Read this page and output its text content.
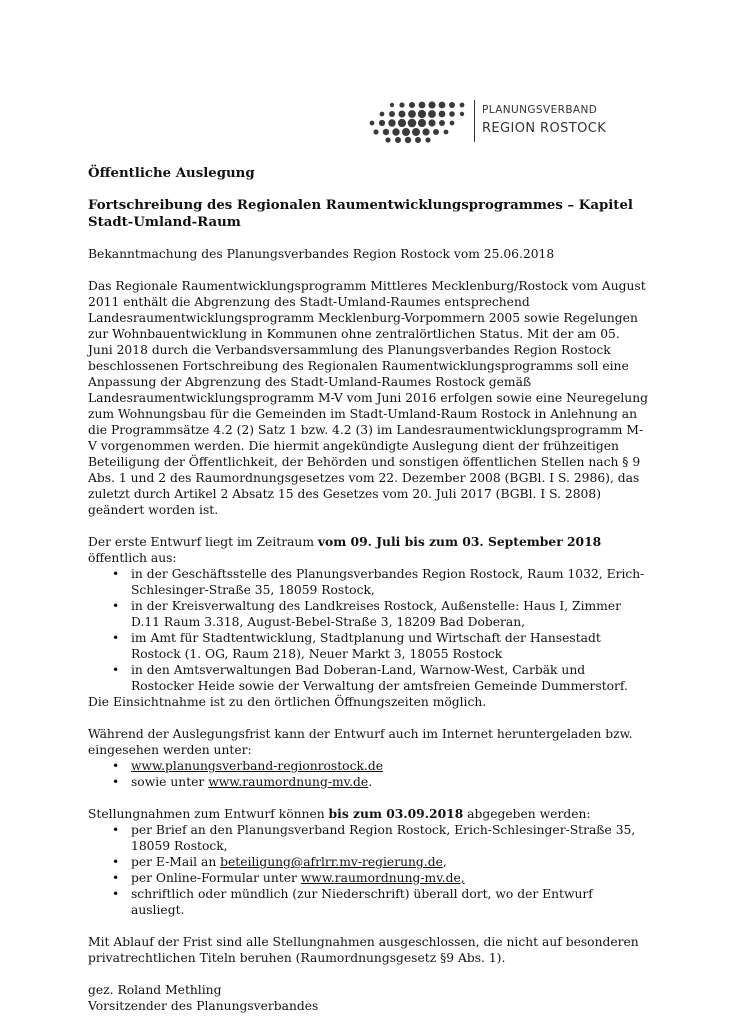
PLANUNGSVERBAND
REGION ROSTOCK
Öffentliche Auslegung
Fortschreibung des Regionalen Raumentwicklungsprogrammes – Kapitel Stadt-Umland-Raum

Bekanntmachung des Planungsverbandes Region Rostock vom 25.06.2018

Das Regionale Raumentwicklungsprogramm Mittleres Mecklenburg/Rostock vom August 2011 enthält die Abgrenzung des Stadt-Umland-Raumes entsprechend Landesraumentwicklungsprogramm Mecklenburg-Vorpommern 2005 sowie Regelungen zur Wohnbauentwicklung in Kommunen ohne zentralörtlichen Status. Mit der am 05. Juni 2018 durch die Verbandsversammlung des Planungsverbandes Region Rostock beschlossenen Fortschreibung des Regionalen Raumentwicklungsprogramms soll eine Anpassung der Abgrenzung des Stadt-Umland-Raumes Rostock gemäß Landesraumentwicklungsprogramm M-V vom Juni 2016 erfolgen sowie eine Neuregelung zum Wohnungsbau für die Gemeinden im Stadt-Umland-Raum Rostock in Anlehnung an die Programmsätze 4.2 (2) Satz 1 bzw. 4.2 (3) im Landesraumentwicklungsprogramm M-V vorgenommen werden. Die hiermit angekündigte Auslegung dient der frühzeitigen Beteiligung der Öffentlichkeit, der Behörden und sonstigen öffentlichen Stellen nach § 9 Abs. 1 und 2 des Raumordnungsgesetzes vom 22. Dezember 2008 (BGBl. I S. 2986), das zuletzt durch Artikel 2 Absatz 15 des Gesetzes vom 20. Juli 2017 (BGBl. I S. 2808) geändert worden ist.

Der erste Entwurf liegt im Zeitraum vom 09. Juli bis zum 03. September 2018 öffentlich aus:

• in der Geschäftsstelle des Planungsverbandes Region Rostock, Raum 1032, Erich-Schlesinger-Straße 35, 18059 Rostock,
• in der Kreisverwaltung des Landkreises Rostock, Außenstelle: Haus I, Zimmer D.11 Raum 3.318, August-Bebel-Straße 3, 18209 Bad Doberan,
• im Amt für Stadtentwicklung, Stadtplanung und Wirtschaft der Hansestadt Rostock (1. OG, Raum 218), Neuer Markt 3, 18055 Rostock
• in den Amtsverwaltungen Bad Doberan-Land, Warnow-West, Carbäk und Rostocker Heide sowie der Verwaltung der amtsfreien Gemeinde Dummerstorf.

Die Einsichtnahme ist zu den örtlichen Öffnungszeiten möglich.

Während der Auslegungsfrist kann der Entwurf auch im Internet heruntergeladen bzw. eingesehen werden unter:

• www.planungsverband-regionrostock.de
• sowie unter www.raumordnung-mv.de.

Stellungnahmen zum Entwurf können bis zum 03.09.2018 abgegeben werden:

• per Brief an den Planungsverband Region Rostock, Erich-Schlesinger-Straße 35, 18059 Rostock,
• per E-Mail an beteiligung@afrlrr.mv-regierung.de,
• per Online-Formular unter www.raumordnung-mv.de,
• schriftlich oder mündlich (zur Niederschrift) überall dort, wo der Entwurf ausliegt.

Mit Ablauf der Frist sind alle Stellungnahmen ausgeschlossen, die nicht auf besonderen privatrechtlichen Titeln beruhen (Raumordnungsgesetz §9 Abs. 1).

gez. Roland Methling

Vorsitzender des Planungsverbandes
